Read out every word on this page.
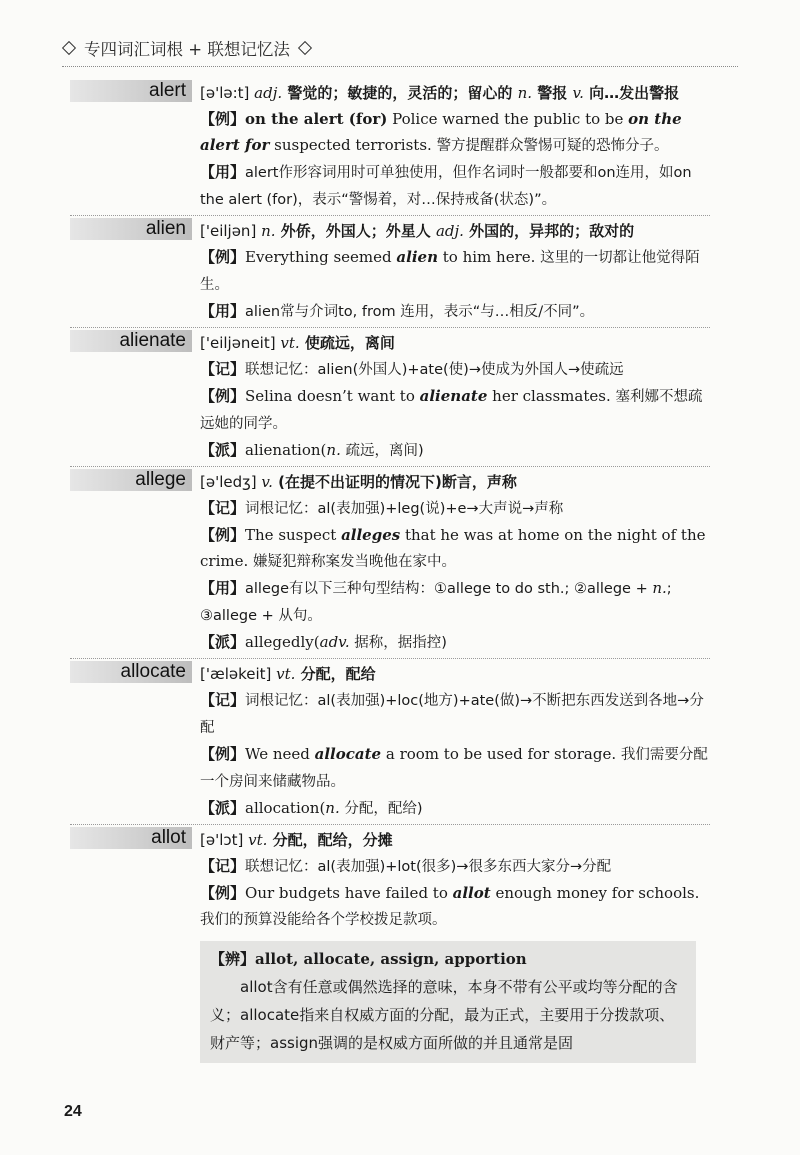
专四词汇词根 + 联想记忆法
alert [ə'lə:t] adj. 警觉的；敏捷的，灵活的；留心的 n. 警报 v. 向…发出警报

【例】on the alert (for) Police warned the public to be on the alert for suspected terrorists. 警方提醒群众警惕可疑的恐怖分子。

【用】alert作形容词用时可单独使用，但作名词时一般都要和on连用，如on the alert (for)，表示“警惕着，对…保持戒备(状态)”。

alien ['eiljən] n. 外侨，外国人；外星人 adj. 外国的，异邦的；敌对的

【例】Everything seemed alien to him here. 这里的一切都让他觉得陌生。

【用】alien常与介词to, from 连用，表示“与…相反/不同”。

alienate ['eiljəneit] vt. 使疏远，离间

【记】联想记忆：alien(外国人)+ate(使)→使成为外国人→使疏远

【例】Selina doesn’t want to alienate her classmates. 塞利娜不想疏远她的同学。

【派】alienation(n. 疏远，离间)

allege [ə'ledʒ] v. (在提不出证明的情况下)断言，声称

【记】词根记忆：al(表加强)+leg(说)+e→大声说→声称

【例】The suspect alleges that he was at home on the night of the crime. 嫌疑犯辩称案发当晚他在家中。

【用】allege有以下三种句型结构：①allege to do sth.; ②allege + n.; ③allege + 从句。

【派】allegedly(adv. 据称，据指控)

allocate ['æləkeit] vt. 分配，配给

【记】词根记忆：al(表加强)+loc(地方)+ate(做)→不断把东西发送到各地→分配

【例】We need allocate a room to be used for storage. 我们需要分配一个房间来储藏物品。

【派】allocation(n. 分配，配给)

allot [ə'lɔt] vt. 分配，配给，分摊

【记】联想记忆：al(表加强)+lot(很多)→很多东西大家分→分配

【例】Our budgets have failed to allot enough money for schools. 我们的预算没能给各个学校拨足款项。

【辨】allot, allocate, assign, apportion

allot含有任意或偶然选择的意味，本身不带有公平或均等分配的含义；allocate指来自权威方面的分配，最为正式，主要用于分拨款项、财产等；assign强调的是权威方面所做的并且通常是固

24
